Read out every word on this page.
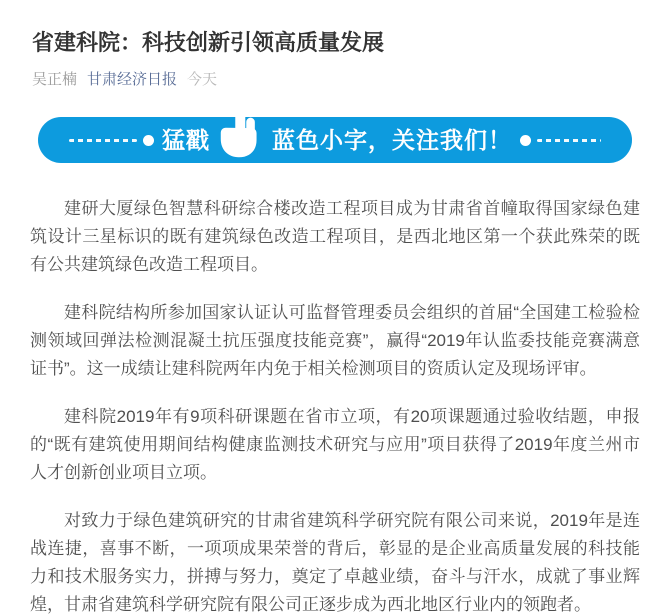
省建科院：科技创新引领高质量发展
吴正楠 甘肃经济日报 今天
猛戳	蓝色小字，关注我们！

建研大厦绿色智慧科研综合楼改造工程项目成为甘肃省首幢取得国家绿色建筑设计三星标识的既有建筑绿色改造工程项目，是西北地区第一个获此殊荣的既有公共建筑绿色改造工程项目。

建科院结构所参加国家认证认可监督管理委员会组织的首届“全国建工检验检测领域回弹法检测混凝土抗压强度技能竞赛”，赢得“2019年认监委技能竞赛满意证书”。这一成绩让建科院两年内免于相关检测项目的资质认定及现场评审。

建科院2019年有9项科研课题在省市立项，有20项课题通过验收结题，申报的“既有建筑使用期间结构健康监测技术研究与应用”项目获得了2019年度兰州市人才创新创业项目立项。

对致力于绿色建筑研究的甘肃省建筑科学研究院有限公司来说，2019年是连战连捷，喜事不断，一项项成果荣誉的背后，彰显的是企业高质量发展的科技能力和技术服务实力，拼搏与努力，奠定了卓越业绩，奋斗与汗水，成就了事业辉煌，甘肃省建筑科学研究院有限公司正逐步成为西北地区行业内的领跑者。
